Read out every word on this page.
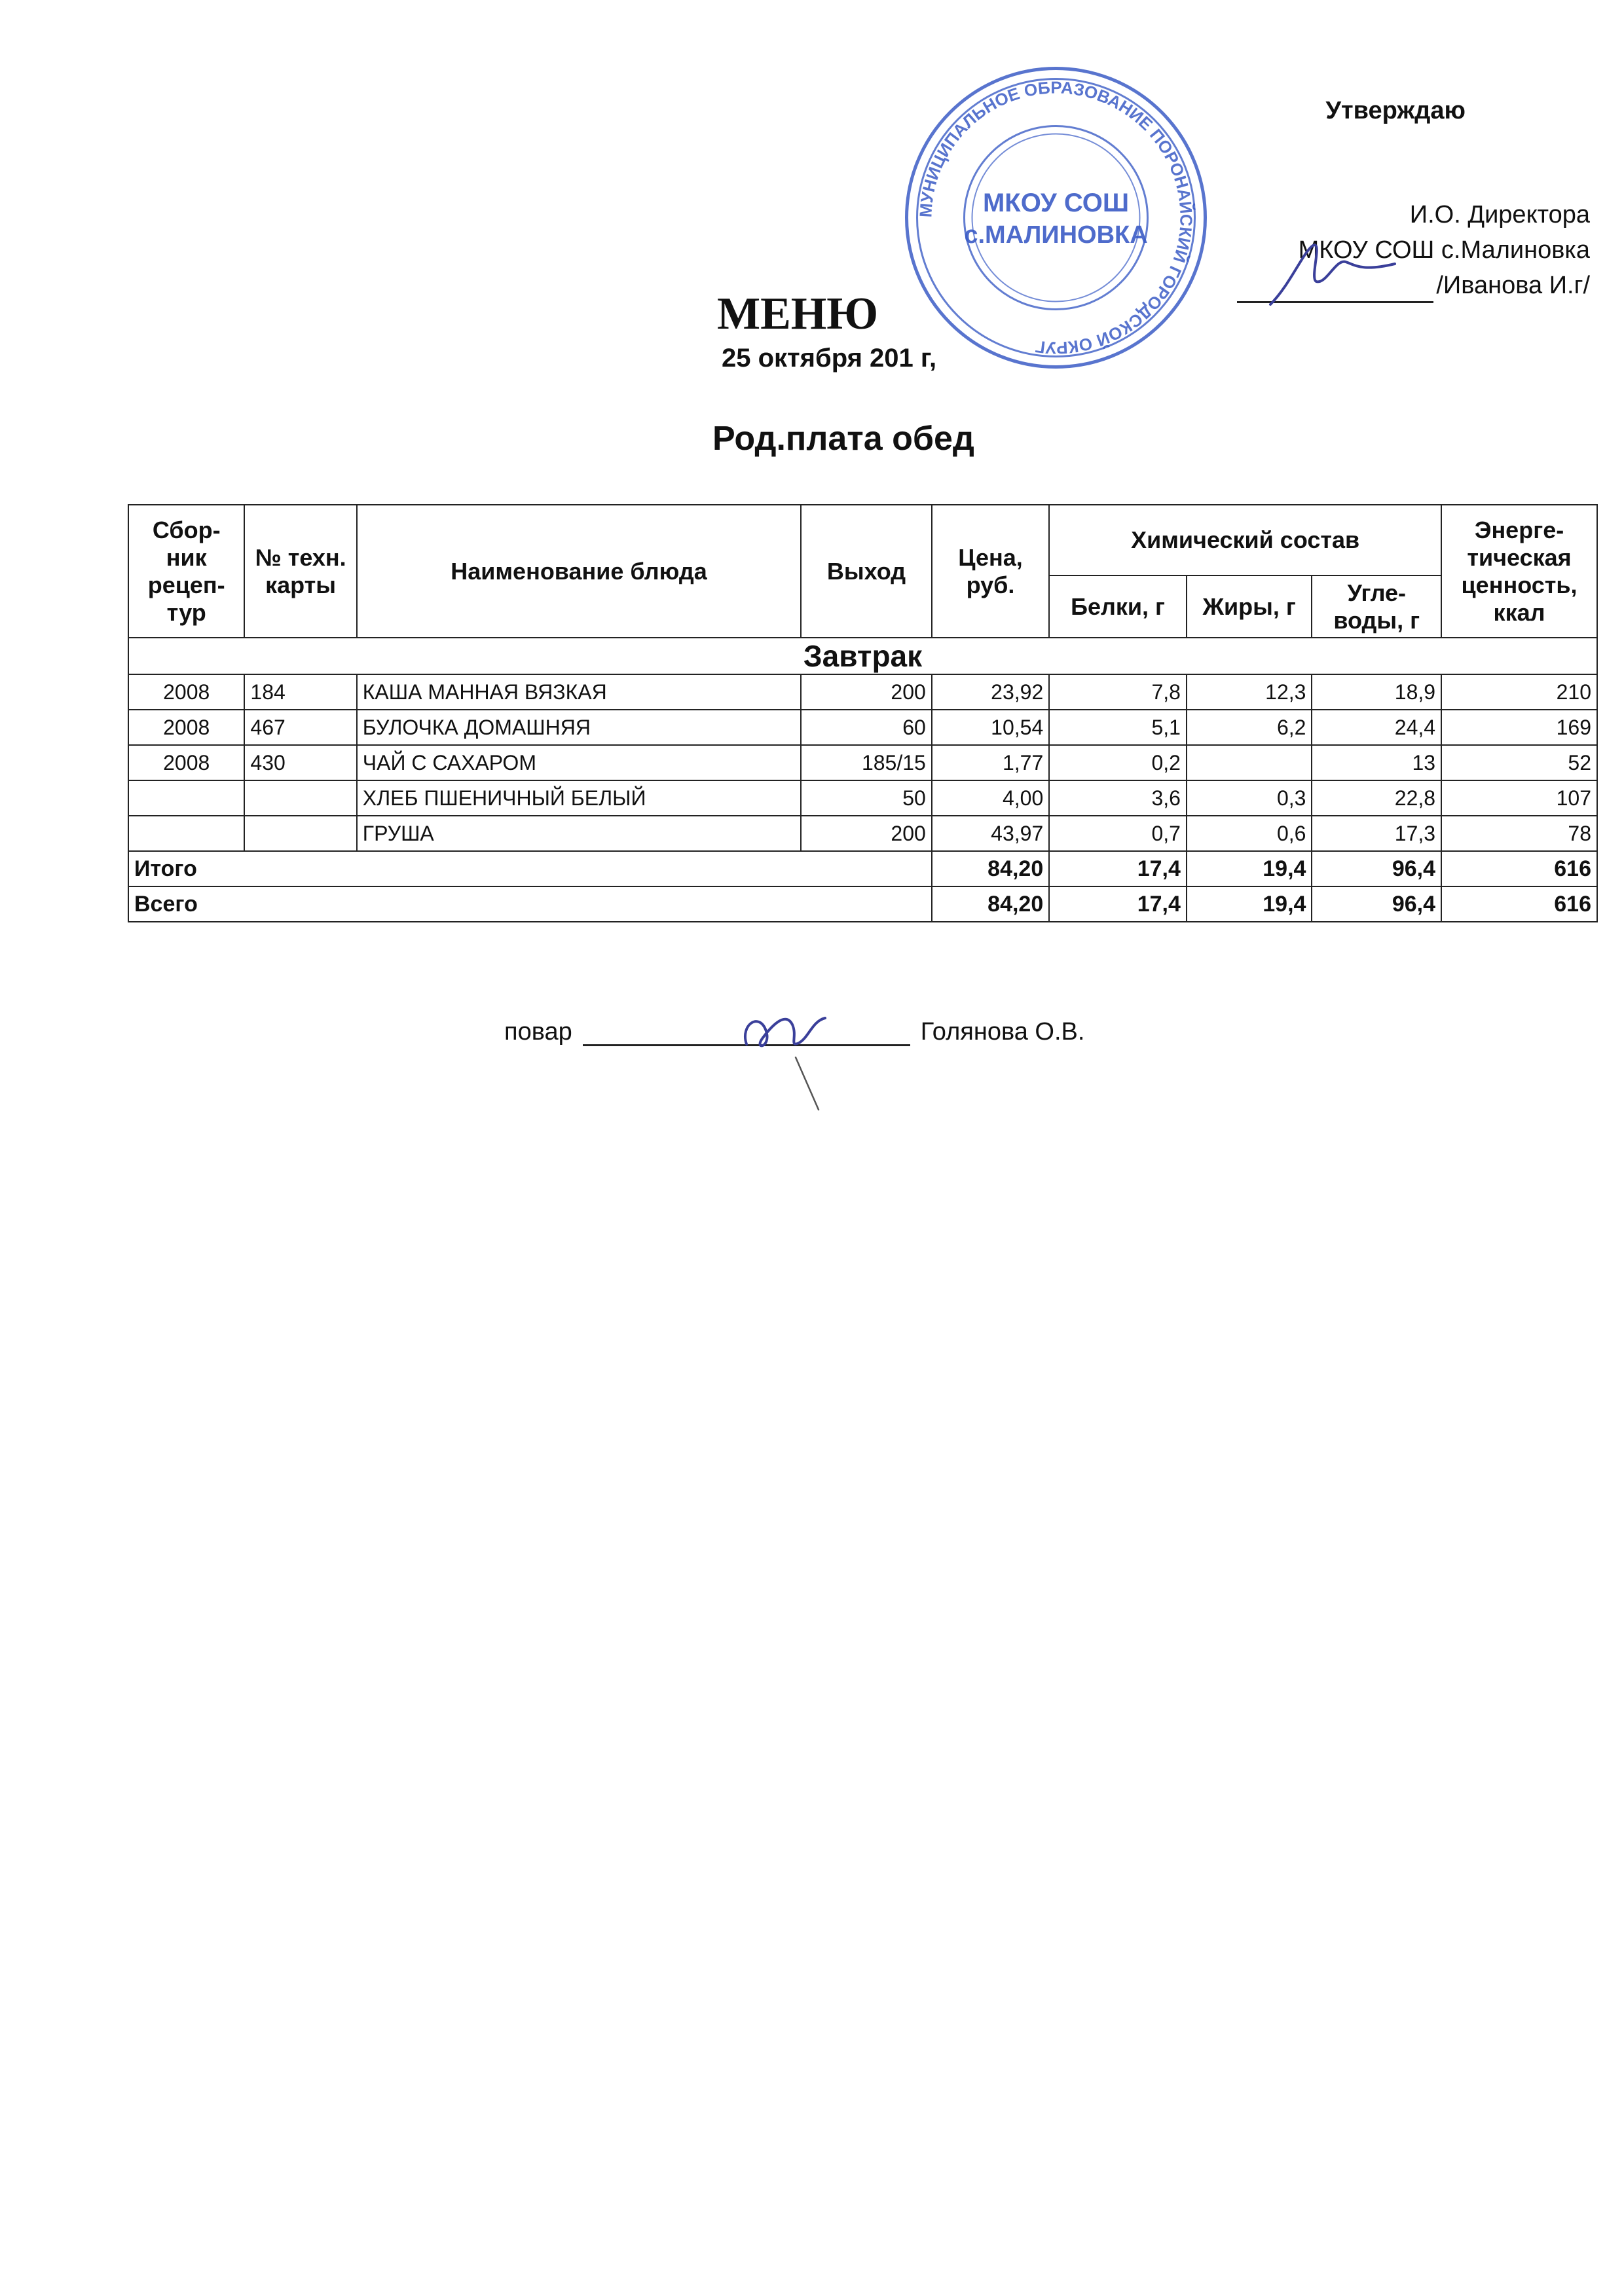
Утверждаю
И.О. Директора
МКОУ СОШ с.Малиновка
/Иванова И.г/
МУНИЦИПАЛЬНОЕ ОБРАЗОВАНИЕ ПОРОНАЙСКИЙ ГОРОДСКОЙ ОКРУГ
МКОУ СОШ
с.МАЛИНОВКА
МЕНЮ
25 октября 201 г,
Род.плата обед
Сбор-ник рецеп-тур	№ техн. карты	Наименование блюда	Выход	Цена, руб.	Химический состав			Энерге-тическая ценность, ккал
					Белки, г	Жиры, г	Угле-воды, г	
Завтрак								
2008	184	КАША МАННАЯ ВЯЗКАЯ	200	23,92	7,8	12,3	18,9	210
2008	467	БУЛОЧКА ДОМАШНЯЯ	60	10,54	5,1	6,2	24,4	169
2008	430	ЧАЙ С САХАРОМ	185/15	1,77	0,2		13	52
		ХЛЕБ ПШЕНИЧНЫЙ БЕЛЫЙ	50	4,00	3,6	0,3	22,8	107
		ГРУША	200	43,97	0,7	0,6	17,3	78
Итого				84,20	17,4	19,4	96,4	616
Всего				84,20	17,4	19,4	96,4	616
повар	Голянова О.В.
